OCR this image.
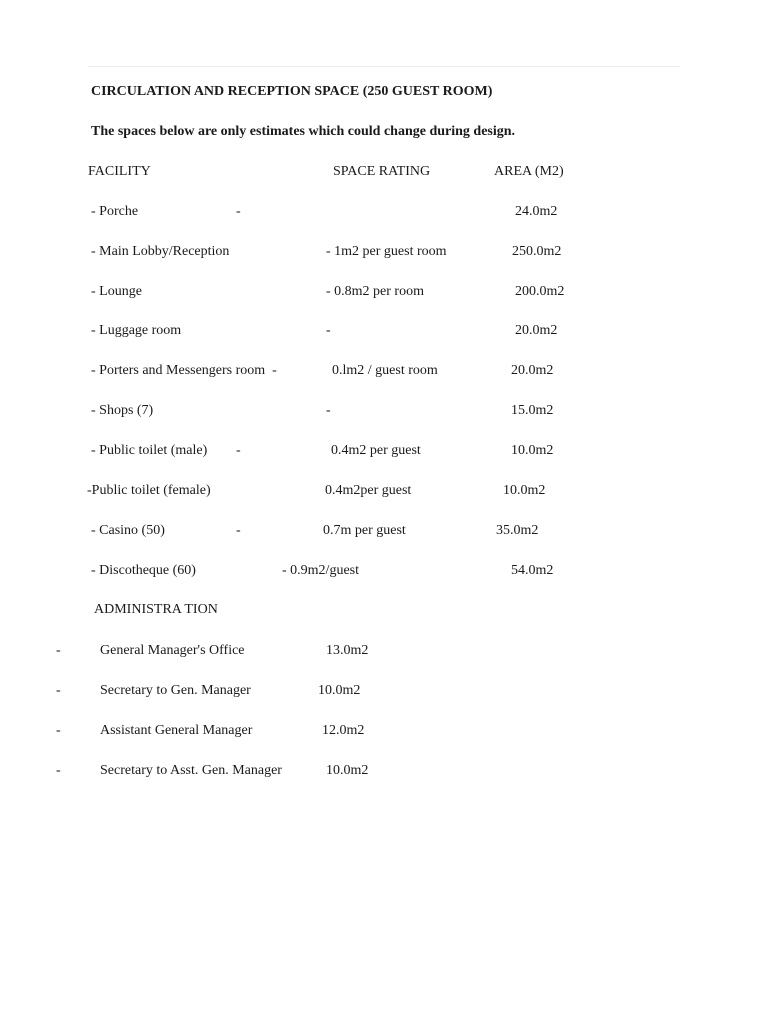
CIRCULATION AND RECEPTION SPACE (250 GUEST ROOM)
The spaces below are only estimates which could change during design.
FACILITY	SPACE RATING	AREA (M2)
- Porche	-	24.0m2
- Main Lobby/Reception	- 1m2 per guest room	250.0m2
- Lounge	- 0.8m2 per room	200.0m2
- Luggage room	-	20.0m2
- Porters and Messengers room  -	0.lm2 / guest room	20.0m2
- Shops (7)	-	15.0m2
- Public toilet (male) -	0.4m2 per guest	10.0m2
-Public toilet (female)	0.4m2per guest	10.0m2
- Casino (50)	-	0.7m per guest	35.0m2
- Discotheque (60)	- 0.9m2/guest	54.0m2
ADMINISTRA TION
-	General Manager's Office	13.0m2
-	Secretary to Gen. Manager	10.0m2
-	Assistant General Manager	12.0m2
-	Secretary to Asst. Gen. Manager	10.0m2
